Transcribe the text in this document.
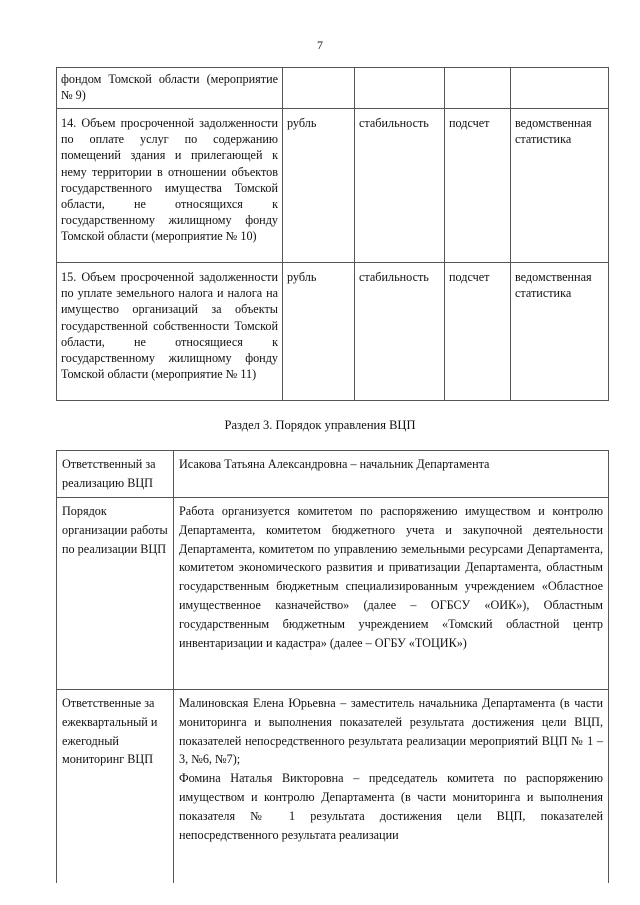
7
фондом Томской области (мероприятие № 9)				
14. Объем просроченной задолженности по оплате услуг по содержанию помещений здания и прилегающей к нему территории в отношении объектов государственного имущества Томской области, не относящихся к государственному жилищному фонду Томской области (мероприятие № 10)	рубль	стабильность	подсчет	ведомственная статистика
15. Объем просроченной задолженности по уплате земельного налога и налога на имущество организаций за объекты государственной собственности Томской области, не относящиеся к государственному жилищному фонду Томской области (мероприятие № 11)	рубль	стабильность	подсчет	ведомственная статистика
Раздел 3. Порядок управления ВЦП
Ответственный за реализацию ВЦП	Исакова Татьяна Александровна – начальник Департамента

Порядок организации работы по реализации ВЦП	Работа организуется комитетом по распоряжению имуществом и контролю Департамента, комитетом бюджетного учета и закупочной деятельности Департамента, комитетом по управлению земельными ресурсами Департамента, комитетом экономического развития и приватизации Департамента, областным государственным бюджетным специализированным учреждением «Областное имущественное казначейство» (далее – ОГБСУ «ОИК»), Областным государственным бюджетным учреждением «Томский областной центр инвентаризации и кадастра» (далее – ОГБУ «ТОЦИК»)

Ответственные за ежеквартальный и ежегодный мониторинг ВЦП	Малиновская Елена Юрьевна – заместитель начальника Департамента (в части мониторинга и выполнения показателей результата достижения цели ВЦП, показателей непосредственного результата реализации мероприятий ВЦП № 1 – 3, №6, №7);

Фомина Наталья Викторовна – председатель комитета по распоряжению имуществом и контролю Департамента (в части мониторинга и выполнения показателя № 1 результата достижения цели ВЦП, показателей непосредственного результата реализации
